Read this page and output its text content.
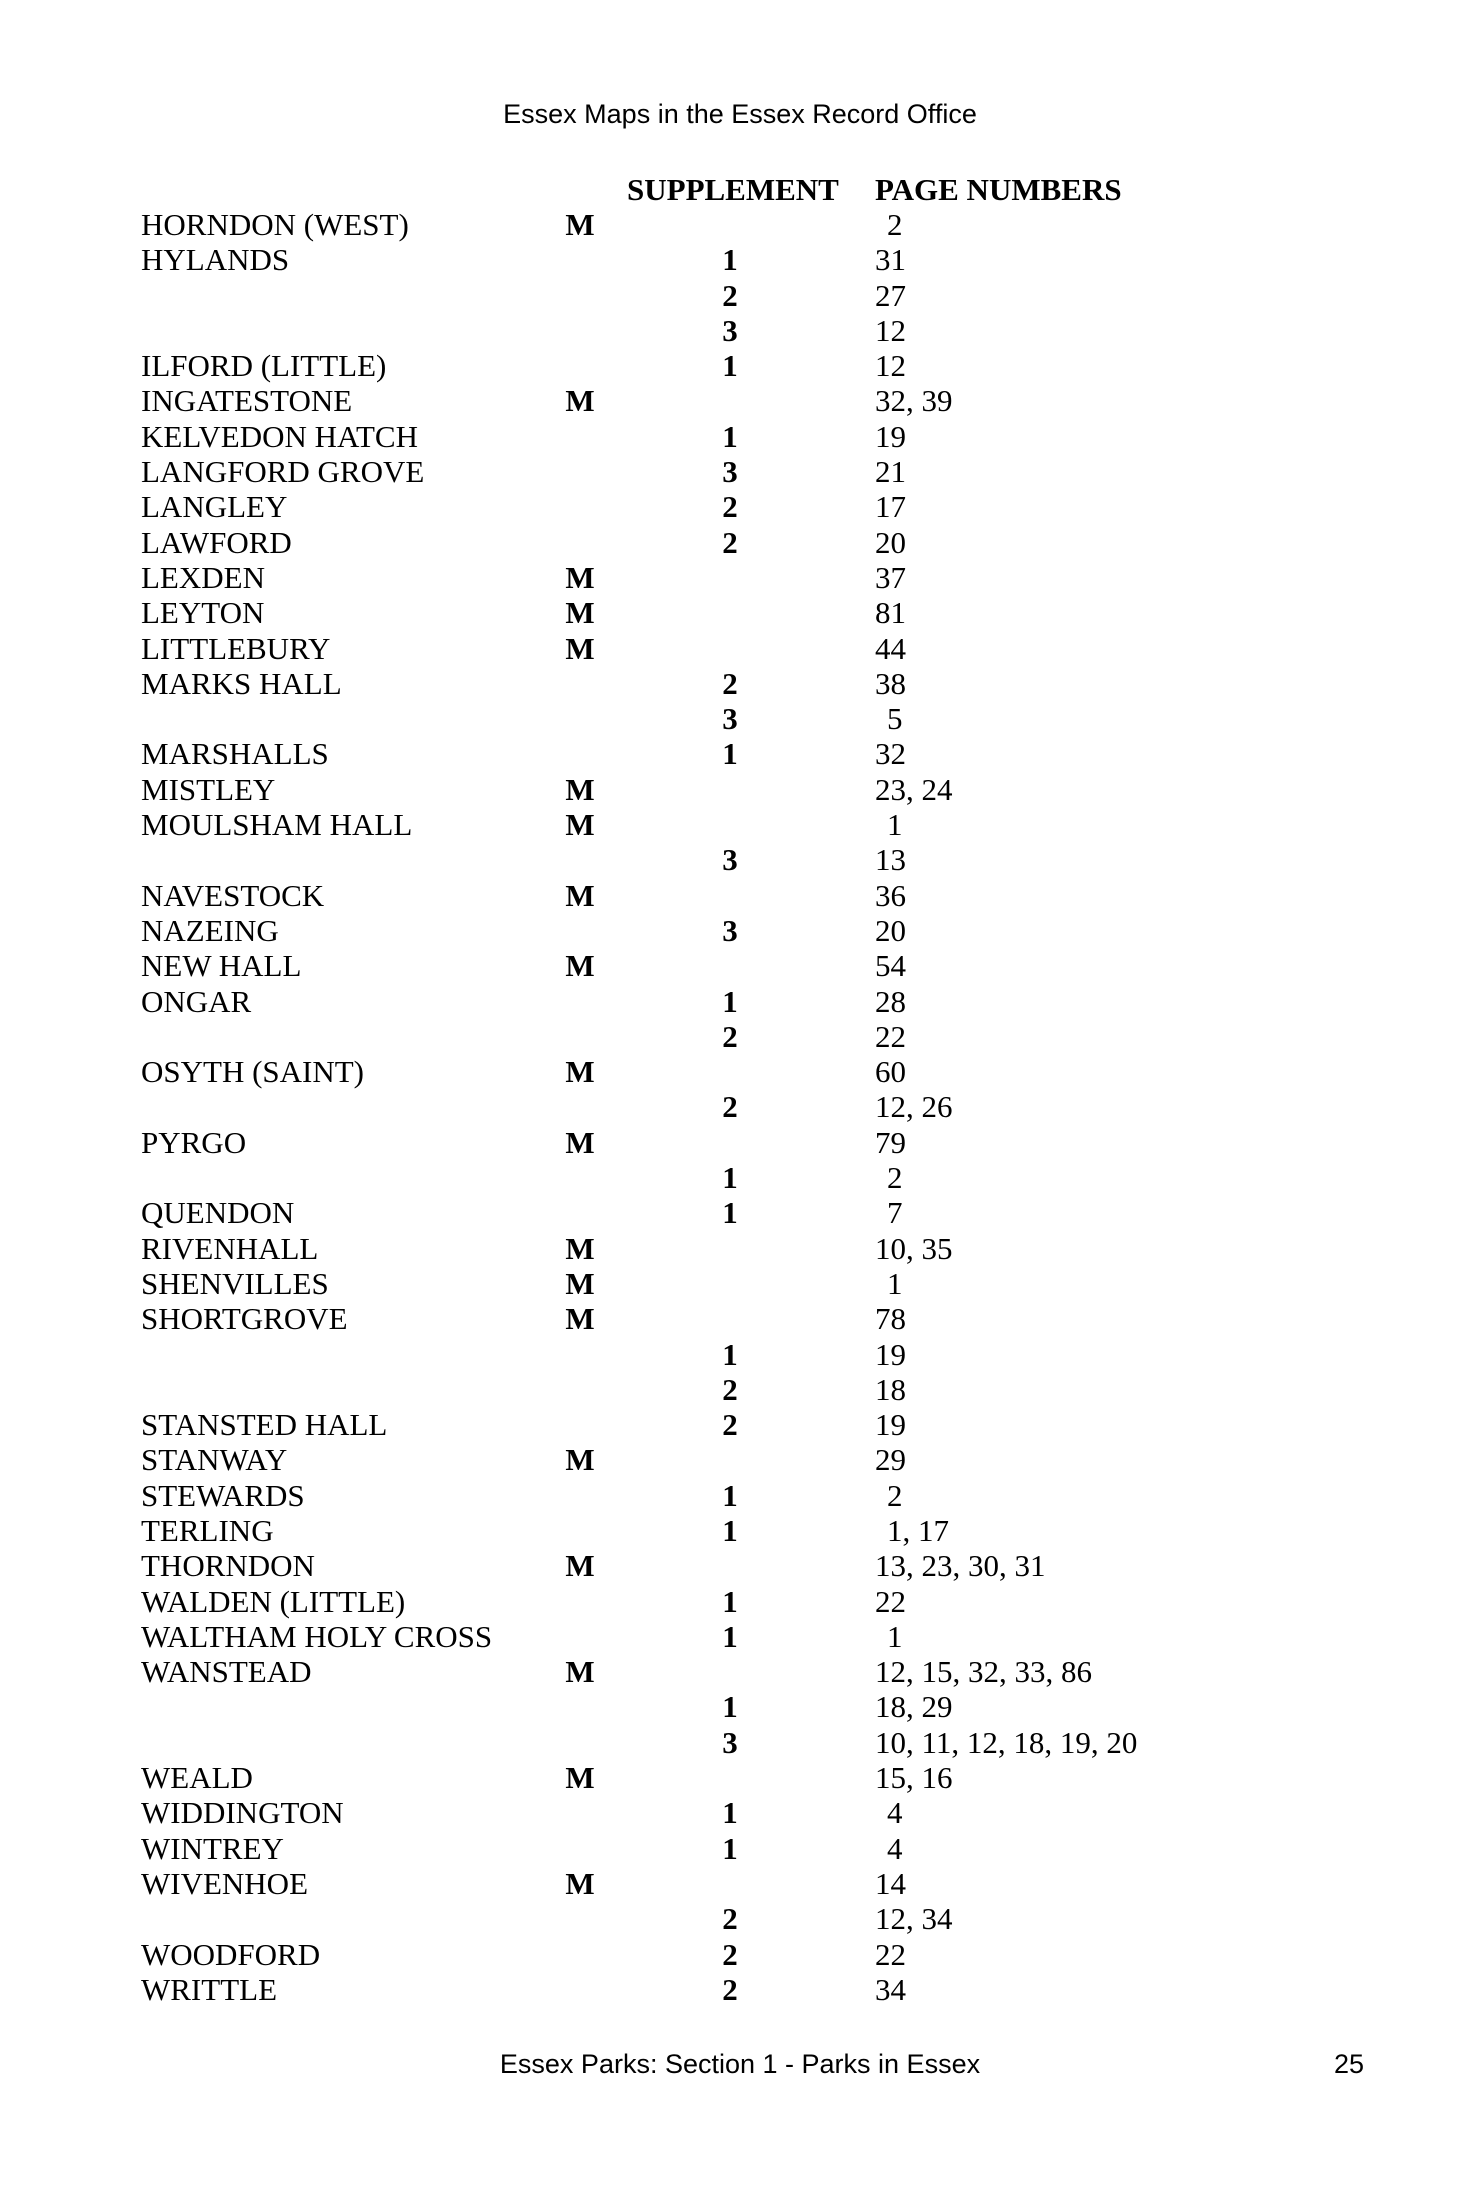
Essex Maps in the Essex Record Office
SUPPLEMENT PAGE NUMBERS
HORNDON (WEST)	M	2
HYLANDS	1	31
2	27
3	12
ILFORD (LITTLE)	1	12
INGATESTONE	M	32, 39
KELVEDON HATCH	1	19
LANGFORD GROVE	3	21
LANGLEY	2	17
LAWFORD	2	20
LEXDEN	M	37
LEYTON	M	81
LITTLEBURY	M	44
MARKS HALL	2	38
3	5
MARSHALLS	1	32
MISTLEY	M	23, 24
MOULSHAM HALL	M	1
3	13
NAVESTOCK	M	36
NAZEING	3	20
NEW HALL	M	54
ONGAR	1	28
2	22
OSYTH (SAINT)	M	60
2	12, 26
PYRGO	M	79
1	2
QUENDON	1	7
RIVENHALL	M	10, 35
SHENVILLES	M	1
SHORTGROVE	M	78
1	19
2	18
STANSTED HALL	2	19
STANWAY	M	29
STEWARDS	1	2
TERLING	1	1, 17
THORNDON	M	13, 23, 30, 31
WALDEN (LITTLE)	1	22
WALTHAM HOLY CROSS	1	1
WANSTEAD	M	12, 15, 32, 33, 86
1	18, 29
3	10, 11, 12, 18, 19, 20
WEALD	M	15, 16
WIDDINGTON	1	4
WINTREY	1	4
WIVENHOE	M	14
2	12, 34
WOODFORD	2	22
WRITTLE	2	34
Essex Parks: Section 1 - Parks in Essex	25
